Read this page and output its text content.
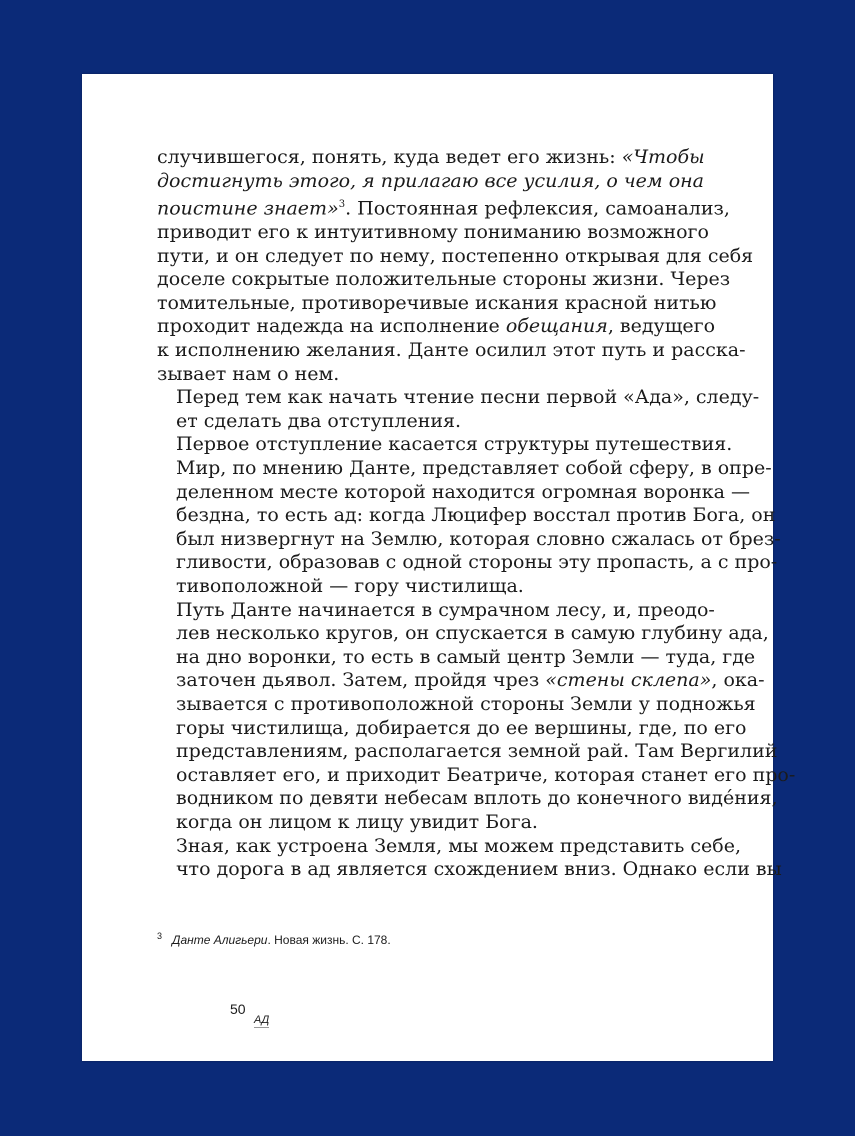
случившегося, понять, куда ведет его жизнь: «Чтобы
достигнуть этого, я прилагаю все усилия, о чем она
поистине знает»$^3$. Постоянная рефлексия, самоанализ,
приводит его к интуитивному пониманию возможного
пути, и он следует по нему, постепенно открывая для себя
доселе сокрытые положительные стороны жизни. Через
томительные, противоречивые искания красной нитью
проходит надежда на исполнение обещания, ведущего
к исполнению желания. Данте осилил этот путь и расска-
зывает нам о нем.
Перед тем как начать чтение песни первой «Ада», следу-
ет сделать два отступления.
Первое отступление касается структуры путешествия.
Мир, по мнению Данте, представляет собой сферу, в опре-
деленном месте которой находится огромная воронка —
бездна, то есть ад: когда Люцифер восстал против Бога, он
был низвергнут на Землю, которая словно сжалась от брез-
гливости, образовав с одной стороны эту пропасть, а с про-
тивоположной — гору чистилища.
Путь Данте начинается в сумрачном лесу, и, преодо-
лев несколько кругов, он спускается в самую глубину ада,
на дно воронки, то есть в самый центр Земли — туда, где
заточен дьявол. Затем, пройдя чрез «стены склепа», ока-
зывается с противоположной стороны Земли у подножья
горы чистилища, добирается до ее вершины, где, по его
представлениям, располагается земной рай. Там Вергилий
оставляет его, и приходит Беатриче, которая станет его про-
водником по девяти небесам вплоть до конечного видéния,
когда он лицом к лицу увидит Бога.
Зная, как устроена Земля, мы можем представить себе,
что дорога в ад является схождением вниз. Однако если вы
$^3$ Данте Алигьери. Новая жизнь. С. 178.
50
АД
